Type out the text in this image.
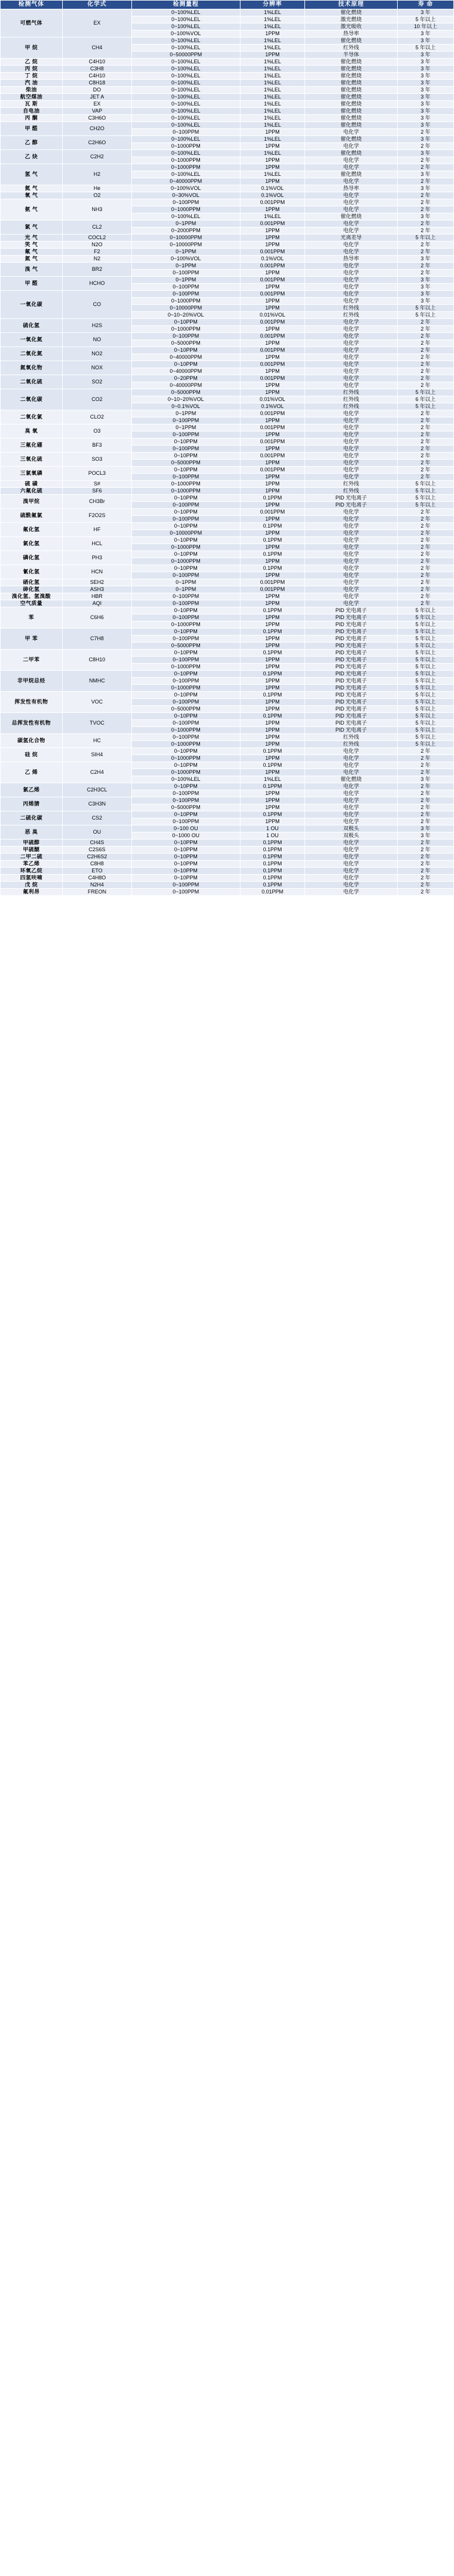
检测气体	化学式	检测量程	分辨率	技术原理	寿 命
可燃气体	EX	0~100%LEL	1%LEL	催化燃烧	3 年
		0~100%LEL	1%LEL	激光燃烧	5 年以上
		0~100%LEL	1%LEL	激光吸收	10 年以上
		0~100%VOL	1PPM	热导率	3 年
甲 烷	CH4	0~100%LEL	1%LEL	催化燃烧	3 年
		0~100%LEL	1%LEL	红外线	5 年以上
		0~50000PPM	1PPM	半导体	3 年
乙 烷	C4H10	0~100%LEL	1%LEL	催化燃烧	3 年
丙 烷	C3H8	0~100%LEL	1%LEL	催化燃烧	3 年
丁 烷	C4H10	0~100%LEL	1%LEL	催化燃烧	3 年
汽 油	C8H18	0~100%LEL	1%LEL	催化燃烧	3 年
柴油	DO	0~100%LEL	1%LEL	催化燃烧	3 年
航空煤油	JET A	0~100%LEL	1%LEL	催化燃烧	3 年
瓦 斯	EX	0~100%LEL	1%LEL	催化燃烧	3 年
自电油	VAP	0~100%LEL	1%LEL	催化燃烧	3 年
丙 酮	C3H6O	0~100%LEL	1%LEL	催化燃烧	3 年
甲 醛	CH2O	0~100%LEL	1%LEL	催化燃烧	3 年
		0~100PPM	1PPM	电化学	2 年
乙 醇	C2H6O	0~100%LEL	1%LEL	催化燃烧	3 年
		0~1000PPM	1PPM	电化学	2 年
乙 炔	C2H2	0~100%LEL	1%LEL	催化燃烧	3 年
		0~1000PPM	1PPM	电化学	2 年
氢 气	H2	0~1000PPM	1PPM	电化学	2 年
		0~100%LEL	1%LEL	催化燃烧	3 年
		0~40000PPM	1PPM	电化学	2 年
氦 气	He	0~100%VOL	0.1%VOL	热导率	3 年
氧 气	O2	0~30%VOL	0.1%VOL	电化学	2 年
氨 气	NH3	0~100PPM	0.001PPM	电化学	2 年
		0~1000PPM	1PPM	电化学	2 年
		0~100%LEL	1%LEL	催化燃烧	3 年
氯 气	CL2	0~1PPM	0.001PPM	电化学	2 年
		0~2000PPM	1PPM	电化学	2 年
光 气	COCL2	0~10000PPM	1PPM	光离差导	5 年以上
笑 气	N2O	0~10000PPM	1PPM	电化学	2 年
氟 气	F2	0~1PPM	0.001PPM	电化学	2 年
氮 气	N2	0~100%VOL	0.1%VOL	热导率	3 年
溴 气	BR2	0~1PPM	0.001PPM	电化学	2 年
		0~100PPM	1PPM	电化学	2 年
甲 醛	HCHO	0~1PPM	0.001PPM	电化学	3 年
		0~100PPM	1PPM	电化学	3 年
一氧化碳	CO	0~100PPM	0.001PPM	电化学	3 年
		0~1000PPM	1PPM	电化学	3 年
		0~10000PPM	1PPM	红外线	5 年以上
		0~10~20%VOL	0.01%VOL	红外线	5 年以上
硫化氢	H2S	0~10PPM	0.001PPM	电化学	2 年
		0~1000PPM	1PPM	电化学	2 年
一氧化氮	NO	0~100PPM	0.001PPM	电化学	2 年
		0~5000PPM	1PPM	电化学	2 年
二氧化氮	NO2	0~10PPM	0.001PPM	电化学	2 年
		0~40000PPM	1PPM	电化学	2 年
氮氧化物	NOX	0~10PPM	0.001PPM	电化学	2 年
		0~40000PPM	1PPM	电化学	2 年
二氧化硫	SO2	0~20PPM	0.001PPM	电化学	2 年
		0~40000PPM	1PPM	电化学	2 年
二氧化碳	CO2	0~5000PPM	1PPM	红外线	5 年以上
		0~10~20%VOL	0.01%VOL	红外线	6 年以上
		0~0.1%VOL	0.1%VOL	红外线	5 年以上
二氧化氯	CLO2	0~1PPM	0.001PPM	电化学	2 年
		0~100PPM	1PPM	电化学	2 年
臭 氧	O3	0~1PPM	0.001PPM	电化学	2 年
		0~100PPM	1PPM	电化学	2 年
三氟化硼	BF3	0~10PPM	0.001PPM	电化学	2 年
		0~100PPM	1PPM	电化学	2 年
三氧化硫	SO3	0~10PPM	0.001PPM	电化学	2 年
		0~5000PPM	1PPM	电化学	2 年
三氯氧磷	POCL3	0~10PPM	0.001PPM	电化学	2 年
		0~100PPM	1PPM	电化学	2 年
硫 磺	S#	0~1000PPM	1PPM	红外线	5 年以上
六氟化硫	SF6	0~1000PPM	1PPM	红外线	5 年以上
溴甲烷	CH3Br	0~10PPM	0.1PPM	PID 光电离子	5 年以上
		0~100PPM	1PPM	PID 光电离子	5 年以上
硫酰氟氯	F2O2S	0~10PPM	0.001PPM	电化学	2 年
		0~100PPM	1PPM	电化学	2 年
氟化氢	HF	0~10PPM	0.1PPM	电化学	2 年
		0~10000PPM	1PPM	电化学	2 年
氯化氢	HCL	0~10PPM	0.1PPM	电化学	2 年
		0~1000PPM	1PPM	电化学	2 年
磷化氢	PH3	0~10PPM	0.1PPM	电化学	2 年
		0~1000PPM	1PPM	电化学	2 年
氰化氢	HCN	0~10PPM	0.1PPM	电化学	2 年
		0~100PPM	1PPM	电化学	2 年
硒化氢	SEH2	0~1PPM	0.001PPM	电化学	2 年
砷化氢	ASH3	0~1PPM	0.001PPM	电化学	2 年
溴化氢、氢溴酸	HBR	0~100PPM	1PPM	电化学	2 年
空气质量	AQI	0~100PPM	1PPM	电化学	2 年
苯	C6H6	0~10PPM	0.1PPM	PID 光电离子	5 年以上
		0~100PPM	1PPM	PID 光电离子	5 年以上
		0~1000PPM	1PPM	PID 光电离子	5 年以上
甲 苯	C7H8	0~10PPM	0.1PPM	PID 光电离子	5 年以上
		0~100PPM	1PPM	PID 光电离子	5 年以上
		0~5000PPM	1PPM	PID 光电离子	5 年以上
二甲苯	C8H10	0~10PPM	0.1PPM	PID 光电离子	5 年以上
		0~100PPM	1PPM	PID 光电离子	5 年以上
		0~1000PPM	1PPM	PID 光电离子	5 年以上
非甲烷总烃	NMHC	0~10PPM	0.1PPM	PID 光电离子	5 年以上
		0~100PPM	1PPM	PID 光电离子	5 年以上
		0~1000PPM	1PPM	PID 光电离子	5 年以上
挥发性有机物	VOC	0~10PPM	0.1PPM	PID 光电离子	5 年以上
		0~100PPM	1PPM	PID 光电离子	5 年以上
		0~5000PPM	1PPM	PID 光电离子	5 年以上
总挥发性有机物	TVOC	0~10PPM	0.1PPM	PID 光电离子	5 年以上
		0~100PPM	1PPM	PID 光电离子	5 年以上
		0~1000PPM	1PPM	PID 光电离子	5 年以上
碳氢化合物	HC	0~100PPM	1PPM	红外线	5 年以上
		0~1000PPM	1PPM	红外线	5 年以上
硅 烷	SIH4	0~10PPM	0.1PPM	电化学	2 年
		0~1000PPM	1PPM	电化学	2 年
乙 烯	C2H4	0~10PPM	0.1PPM	电化学	2 年
		0~1000PPM	1PPM	电化学	2 年
		0~100%LEL	1%LEL	催化燃烧	3 年
氯乙烯	C2H3CL	0~10PPM	0.1PPM	电化学	2 年
		0~100PPM	1PPM	电化学	2 年
丙烯腈	C3H3N	0~100PPM	1PPM	电化学	2 年
		0~5000PPM	1PPM	电化学	2 年
二硫化碳	CS2	0~10PPM	0.1PPM	电化学	2 年
		0~100PPM	1PPM	电化学	2 年
恶 臭	OU	0~100 OU	1 OU	双极头	3 年
		0~1000 OU	1 OU	双极头	3 年
甲硫醇	CH4S	0~10PPM	0.1PPM	电化学	2 年
甲硫醚	C2S6S	0~10PPM	0.1PPM	电化学	2 年
二甲二硫	C2H6S2	0~10PPM	0.1PPM	电化学	2 年
苯乙烯	C8H8	0~10PPM	0.1PPM	电化学	2 年
环氧乙烷	ETO	0~10PPM	0.1PPM	电化学	2 年
四氢呋喃	C4H8O	0~10PPM	0.1PPM	电化学	2 年
戊 烷	N2H4	0~100PPM	0.1PPM	电化学	2 年
氟利昂	FREON	0~100PPM	0.01PPM	电化学	2 年
